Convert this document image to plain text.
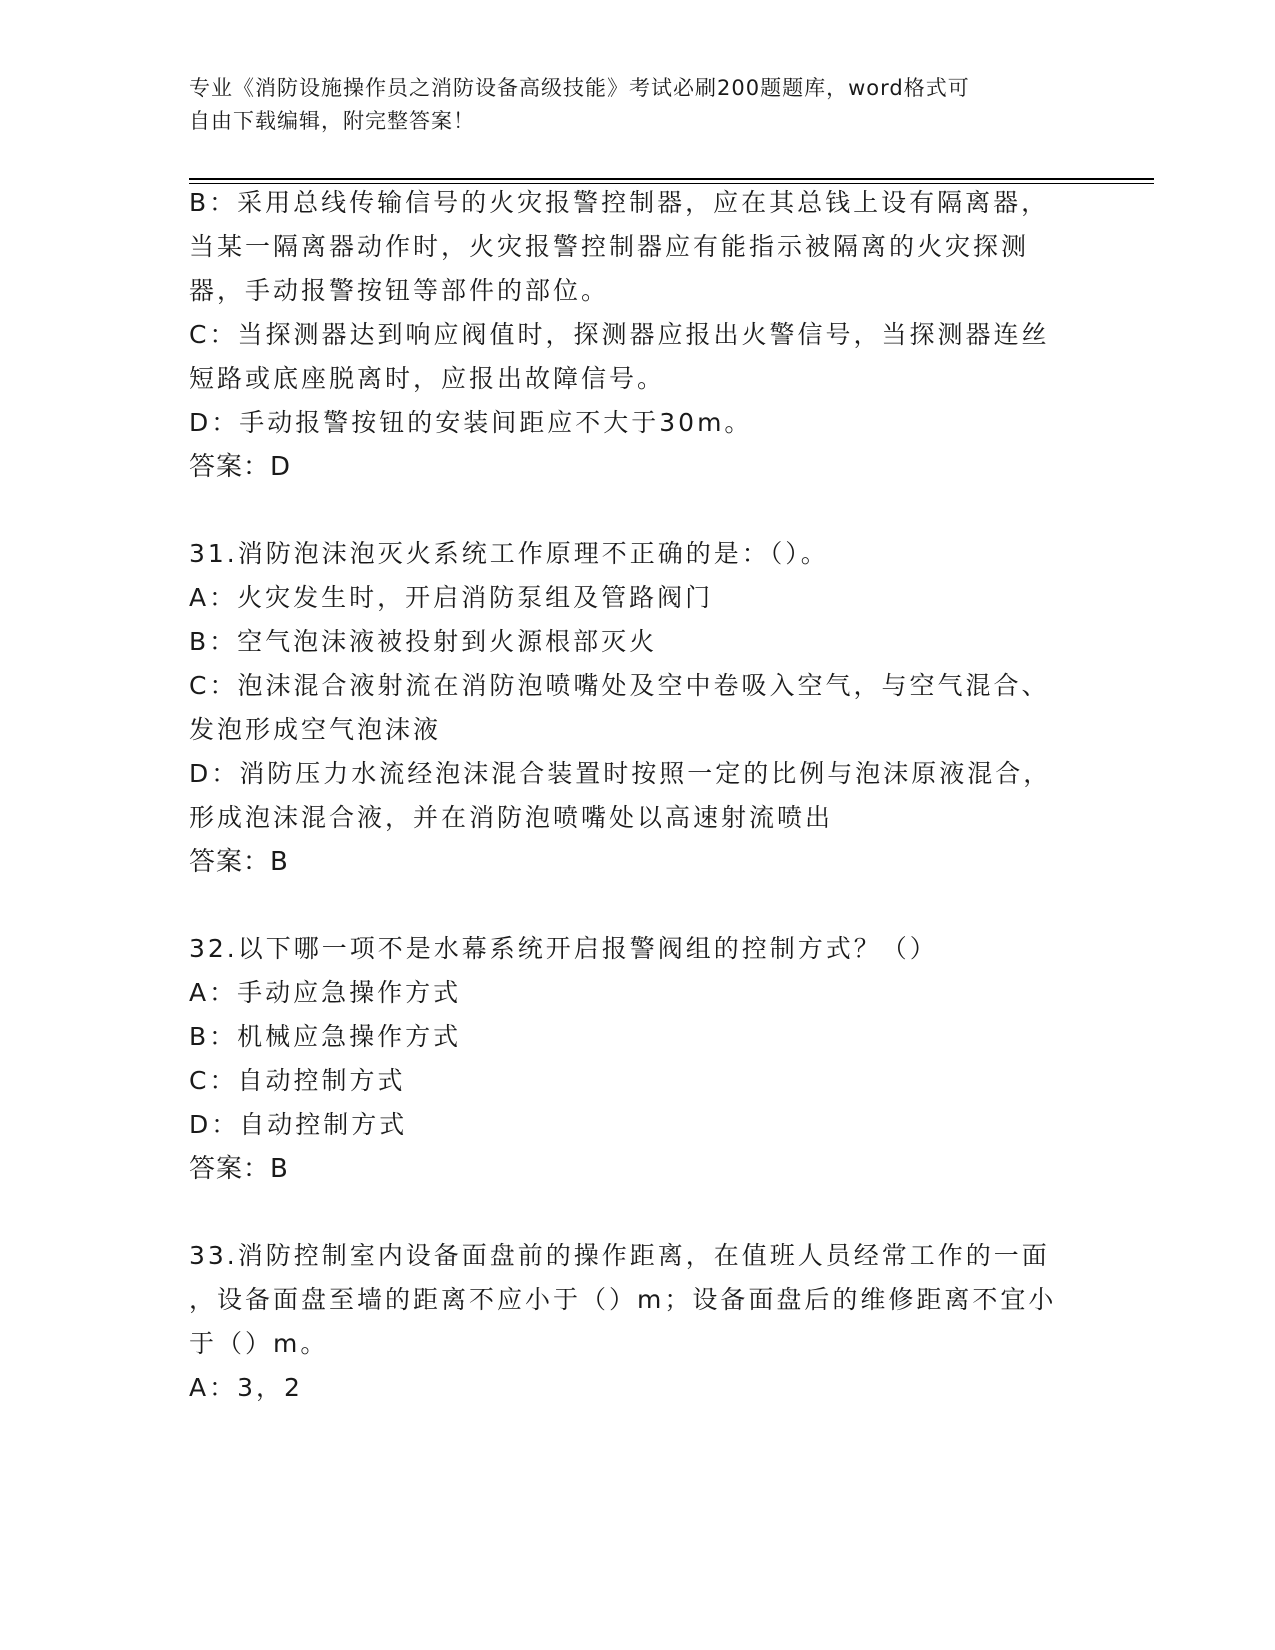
专业《消防设施操作员之消防设备高级技能》考试必刷200题题库，word格式可
自由下载编辑，附完整答案！
B：采用总线传输信号的火灾报警控制器，应在其总钱上设有隔离器，
当某一隔离器动作时，火灾报警控制器应有能指示被隔离的火灾探测
器，手动报警按钮等部件的部位。
C：当探测器达到响应阀值时，探测器应报出火警信号，当探测器连丝
短路或底座脱离时，应报出故障信号。
D：手动报警按钮的安装间距应不大于30m。
答案：D
31.消防泡沫泡灭火系统工作原理不正确的是：（）。
A：火灾发生时，开启消防泵组及管路阀门
B：空气泡沫液被投射到火源根部灭火
C：泡沫混合液射流在消防泡喷嘴处及空中卷吸入空气，与空气混合、
发泡形成空气泡沫液
D：消防压力水流经泡沫混合装置时按照一定的比例与泡沫原液混合，
形成泡沫混合液，并在消防泡喷嘴处以高速射流喷出
答案：B
32.以下哪一项不是水幕系统开启报警阀组的控制方式？（）
A：手动应急操作方式
B：机械应急操作方式
C：自动控制方式
D：自动控制方式
答案：B
33.消防控制室内设备面盘前的操作距离，在值班人员经常工作的一面
，设备面盘至墙的距离不应小于（）m；设备面盘后的维修距离不宜小
于（）m。
A：3，2
